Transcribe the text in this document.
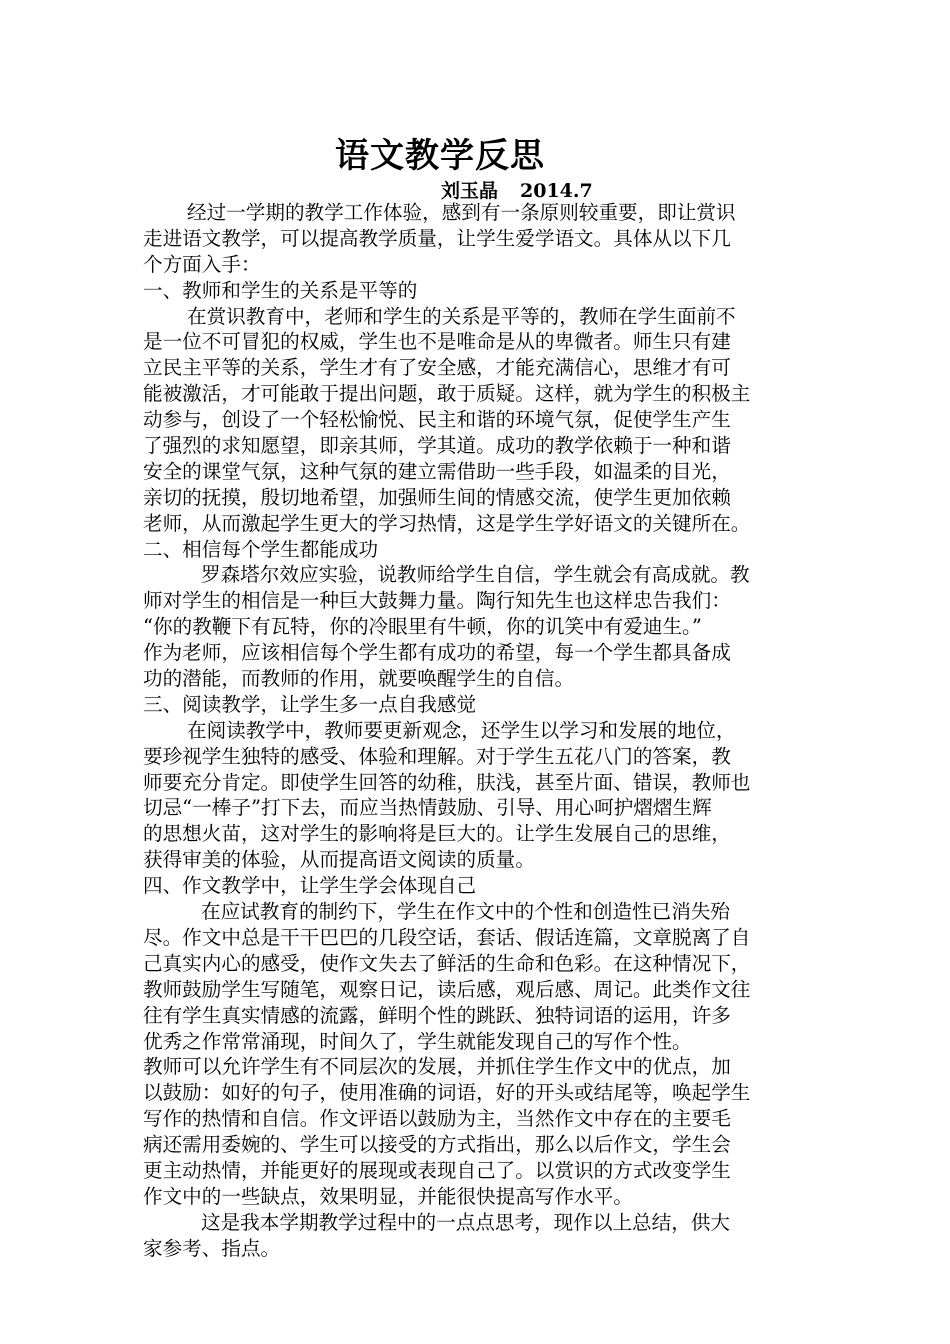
语文教学反思
刘玉晶 2014.7
经过一学期的教学工作体验，感到有一条原则较重要，即让赏识
走进语文教学，可以提高教学质量，让学生爱学语文。具体从以下几
个方面入手：
一、教师和学生的关系是平等的
在赏识教育中，老师和学生的关系是平等的，教师在学生面前不
是一位不可冒犯的权威，学生也不是唯命是从的卑微者。师生只有建
立民主平等的关系，学生才有了安全感，才能充满信心，思维才有可
能被激活，才可能敢于提出问题，敢于质疑。这样，就为学生的积极主
动参与，创设了一个轻松愉悦、民主和谐的环境气氛，促使学生产生
了强烈的求知愿望，即亲其师，学其道。成功的教学依赖于一种和谐
安全的课堂气氛，这种气氛的建立需借助一些手段，如温柔的目光，
亲切的抚摸，殷切地希望，加强师生间的情感交流，使学生更加依赖
老师，从而激起学生更大的学习热情，这是学生学好语文的关键所在。
二、相信每个学生都能成功
罗森塔尔效应实验，说教师给学生自信，学生就会有高成就。教
师对学生的相信是一种巨大鼓舞力量。陶行知先生也这样忠告我们：
“你的教鞭下有瓦特，你的冷眼里有牛顿，你的讥笑中有爱迪生。”
作为老师，应该相信每个学生都有成功的希望，每一个学生都具备成
功的潜能，而教师的作用，就要唤醒学生的自信。
三、阅读教学，让学生多一点自我感觉
在阅读教学中，教师要更新观念，还学生以学习和发展的地位，
要珍视学生独特的感受、体验和理解。对于学生五花八门的答案，教
师要充分肯定。即使学生回答的幼稚，肤浅，甚至片面、错误，教师也
切忌“一棒子”打下去，而应当热情鼓励、引导、用心呵护熠熠生辉
的思想火苗，这对学生的影响将是巨大的。让学生发展自己的思维，
获得审美的体验，从而提高语文阅读的质量。
四、作文教学中，让学生学会体现自己
在应试教育的制约下，学生在作文中的个性和创造性已消失殆
尽。作文中总是干干巴巴的几段空话，套话、假话连篇，文章脱离了自
己真实内心的感受，使作文失去了鲜活的生命和色彩。在这种情况下，
教师鼓励学生写随笔，观察日记，读后感，观后感、周记。此类作文往
往有学生真实情感的流露，鲜明个性的跳跃、独特词语的运用，许多
优秀之作常常涌现，时间久了，学生就能发现自己的写作个性。
教师可以允许学生有不同层次的发展，并抓住学生作文中的优点，加
以鼓励：如好的句子，使用准确的词语，好的开头或结尾等，唤起学生
写作的热情和自信。作文评语以鼓励为主，当然作文中存在的主要毛
病还需用委婉的、学生可以接受的方式指出，那么以后作文，学生会
更主动热情，并能更好的展现或表现自己了。以赏识的方式改变学生
作文中的一些缺点，效果明显，并能很快提高写作水平。
这是我本学期教学过程中的一点点思考，现作以上总结，供大
家参考、指点。
